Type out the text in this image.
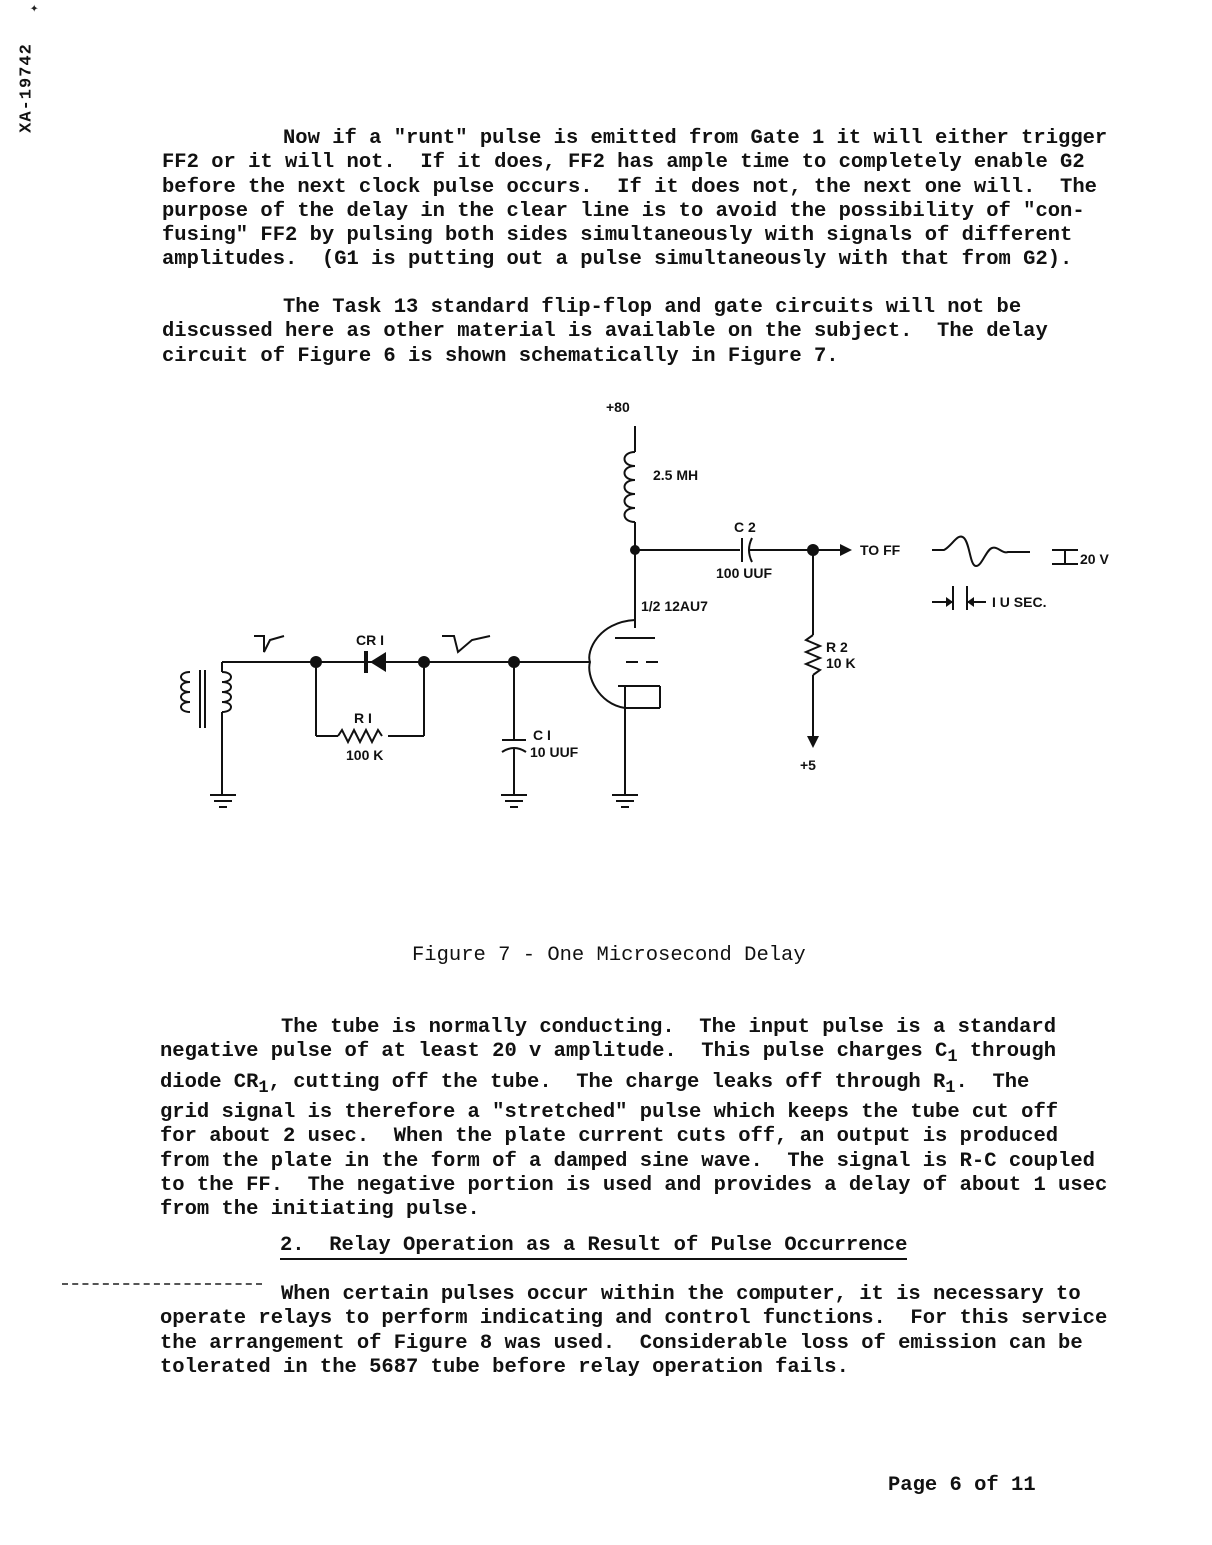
XA-19742
✦
Now if a "runt" pulse is emitted from Gate 1 it will either trigger
FF2 or it will not.  If it does, FF2 has ample time to completely enable G2
before the next clock pulse occurs.  If it does not, the next one will.  The
purpose of the delay in the clear line is to avoid the possibility of "con-
fusing" FF2 by pulsing both sides simultaneously with signals of different
amplitudes.  (G1 is putting out a pulse simultaneously with that from G2).
The Task 13 standard flip-flop and gate circuits will not be
discussed here as other material is available on the subject.  The delay
circuit of Figure 6 is shown schematically in Figure 7.
+80
2.5 MH
C 2
100 UUF
TO FF
20 V
I U SEC.
R 2
10 K
+5
1/2 12AU7
CR I
R I
100 K
C I
10 UUF
Figure 7 - One Microsecond Delay
The tube is normally conducting.  The input pulse is a standard
negative pulse of at least 20 v amplitude.  This pulse charges $C_1$ through
diode $CR_1$, cutting off the tube.  The charge leaks off through $R_1$.  The
grid signal is therefore a "stretched" pulse which keeps the tube cut off
for about 2 usec.  When the plate current cuts off, an output is produced
from the plate in the form of a damped sine wave.  The signal is R-C coupled
to the FF.  The negative portion is used and provides a delay of about 1 usec
from the initiating pulse.
2.  Relay Operation as a Result of Pulse Occurrence
When certain pulses occur within the computer, it is necessary to
operate relays to perform indicating and control functions.  For this service
the arrangement of Figure 8 was used.  Considerable loss of emission can be
tolerated in the 5687 tube before relay operation fails.
Page 6 of 11
